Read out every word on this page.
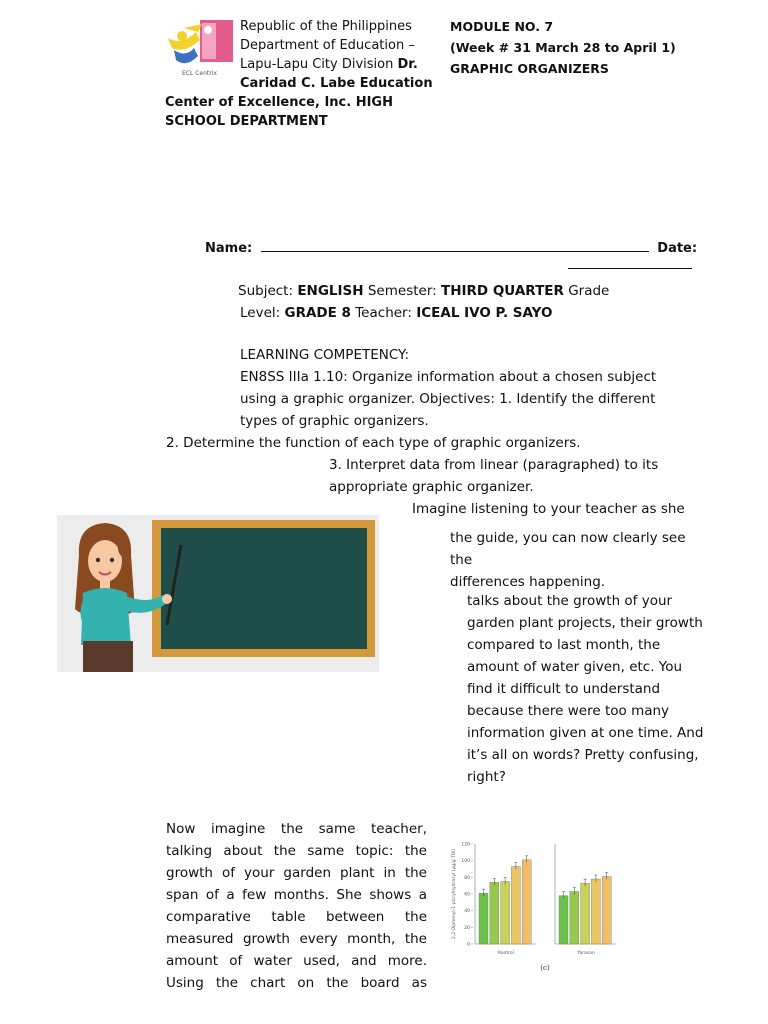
ECL Centrix
Republic of the Philippines
Department of Education –
Lapu-Lapu City Division Dr.
Caridad C. Labe Education
Center of Excellence, Inc. HIGH
SCHOOL DEPARTMENT
MODULE NO. 7
(Week # 31 March 28 to April 1)
GRAPHIC ORGANIZERS
Name:	Date:
Subject: ENGLISH Semester: THIRD QUARTER Grade
Level: GRADE 8 Teacher: ICEAL IVO P. SAYO
LEARNING COMPETENCY:
EN8SS IIIa 1.10: Organize information about a chosen subject
using a graphic organizer. Objectives: 1. Identify the different
types of graphic organizers.
2. Determine the function of each type of graphic organizers.
3. Interpret data from linear (paragraphed) to its
appropriate graphic organizer.
Imagine listening to your teacher as she
the guide, you can now clearly see
the
differences happening.
talks about the growth of your
garden plant projects, their growth
compared to last month, the
amount of water given, etc. You
find it difficult to understand
because there were too many
information given at one time. And
it’s all on words? Pretty confusing,
right?
Now imagine the same teacher,
talking about the same topic: the
growth of your garden plant in the
span of a few months. She shows a
comparative table between the
measured growth every month, the
amount of water used, and more.
Using the chart on the board as
2,2-Diphenyl-1-picrylhydrazyl (μg/g TW)
0
20
40
60
80
100
120
Kontrol	Yarasan
(c)
